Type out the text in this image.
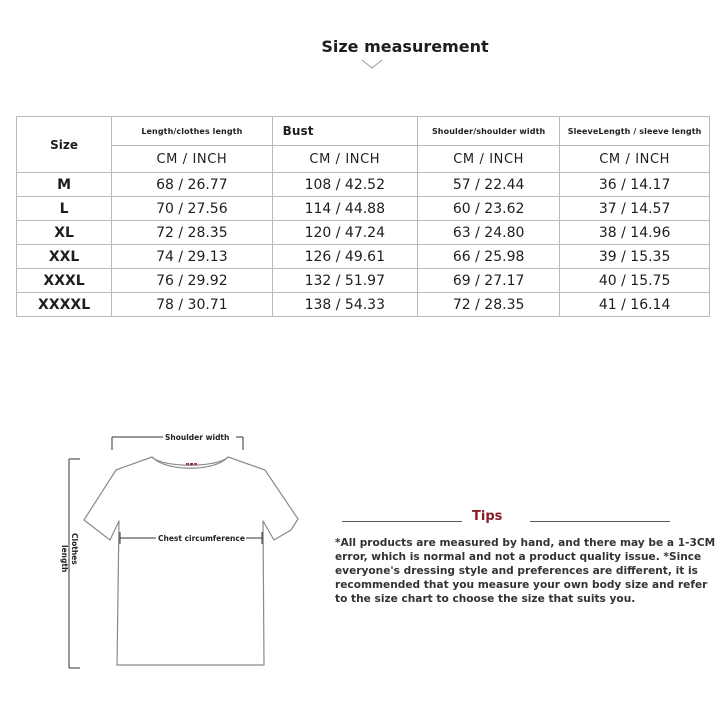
Size measurement
Size	Length/clothes length	Bust	Shoulder/shoulder width	SleeveLength / sleeve length
	CM / INCH	CM / INCH	CM / INCH	CM / INCH
M	68 / 26.77	108 / 42.52	57 / 22.44	36 / 14.17
L	70 / 27.56	114 / 44.88	60 / 23.62	37 / 14.57
XL	72 / 28.35	120 / 47.24	63 / 24.80	38 / 14.96
XXL	74 / 29.13	126 / 49.61	66 / 25.98	39 / 15.35
XXXL	76 / 29.92	132 / 51.97	69 / 27.17	40 / 15.75
XXXXL	78 / 30.71	138 / 54.33	72 / 28.35	41 / 16.14
Shoulder width
Clothes
length
Chest circumference
Tips
*All products are measured by hand, and there may be a 1-3CM
error, which is normal and not a product quality issue. *Since
everyone's dressing style and preferences are different, it is
recommended that you measure your own body size and refer
to the size chart to choose the size that suits you.
